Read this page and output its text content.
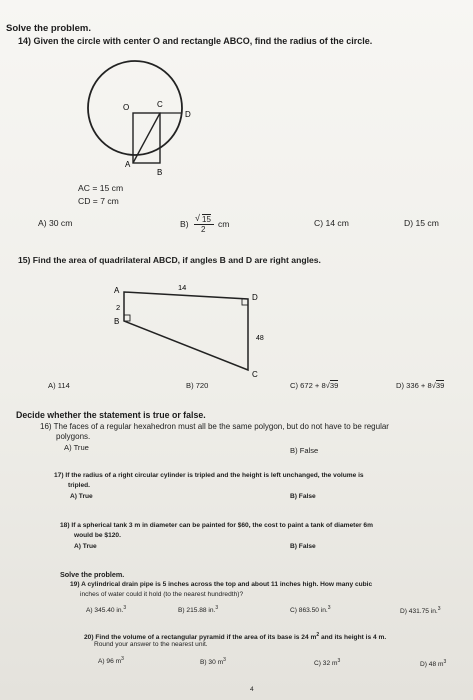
Solve the problem.
14) Given the circle with center O and rectangle ABCO, find the radius of the circle.
O	C
D
A
B
AC = 15 cm
CD = 7 cm
A) 30 cm	B)
√ 15
2
cm	C) 14 cm	D) 15 cm
15) Find the area of quadrilateral ABCD, if angles B and D are right angles.
A
B
D
C
14
2
48
A) 114	B) 720	C) 672 + 8√39	D) 336 + 8√39
Decide whether the statement is true or false.
16) The faces of a regular hexahedron must all be the same polygon, but do not have to be regular
polygons.
A) True	B) False
17) If the radius of a right circular cylinder is tripled and the height is left unchanged, the volume is
tripled.
A) True	B) False
18) If a spherical tank 3 m in diameter can be painted for $60, the cost to paint a tank of diameter 6m
would be $120.
A) True	B) False
Solve the problem.
19) A cylindrical drain pipe is 5 inches across the top and about 11 inches high. How many cubic
inches of water could it hold (to the nearest hundredth)?
A) 345.40 in.$^3$	B) 215.88 in.$^3$	C) 863.50 in.$^3$
D) 431.75 in.$^3$
20) Find the volume of a rectangular pyramid if the area of its base is 24 $m^2$ and its height is 4 m.
Round your answer to the nearest unit.
A) 96 $m^3$
B) 30 $m^3$
C) 32 $m^3$
D) 48 $m^3$
4
